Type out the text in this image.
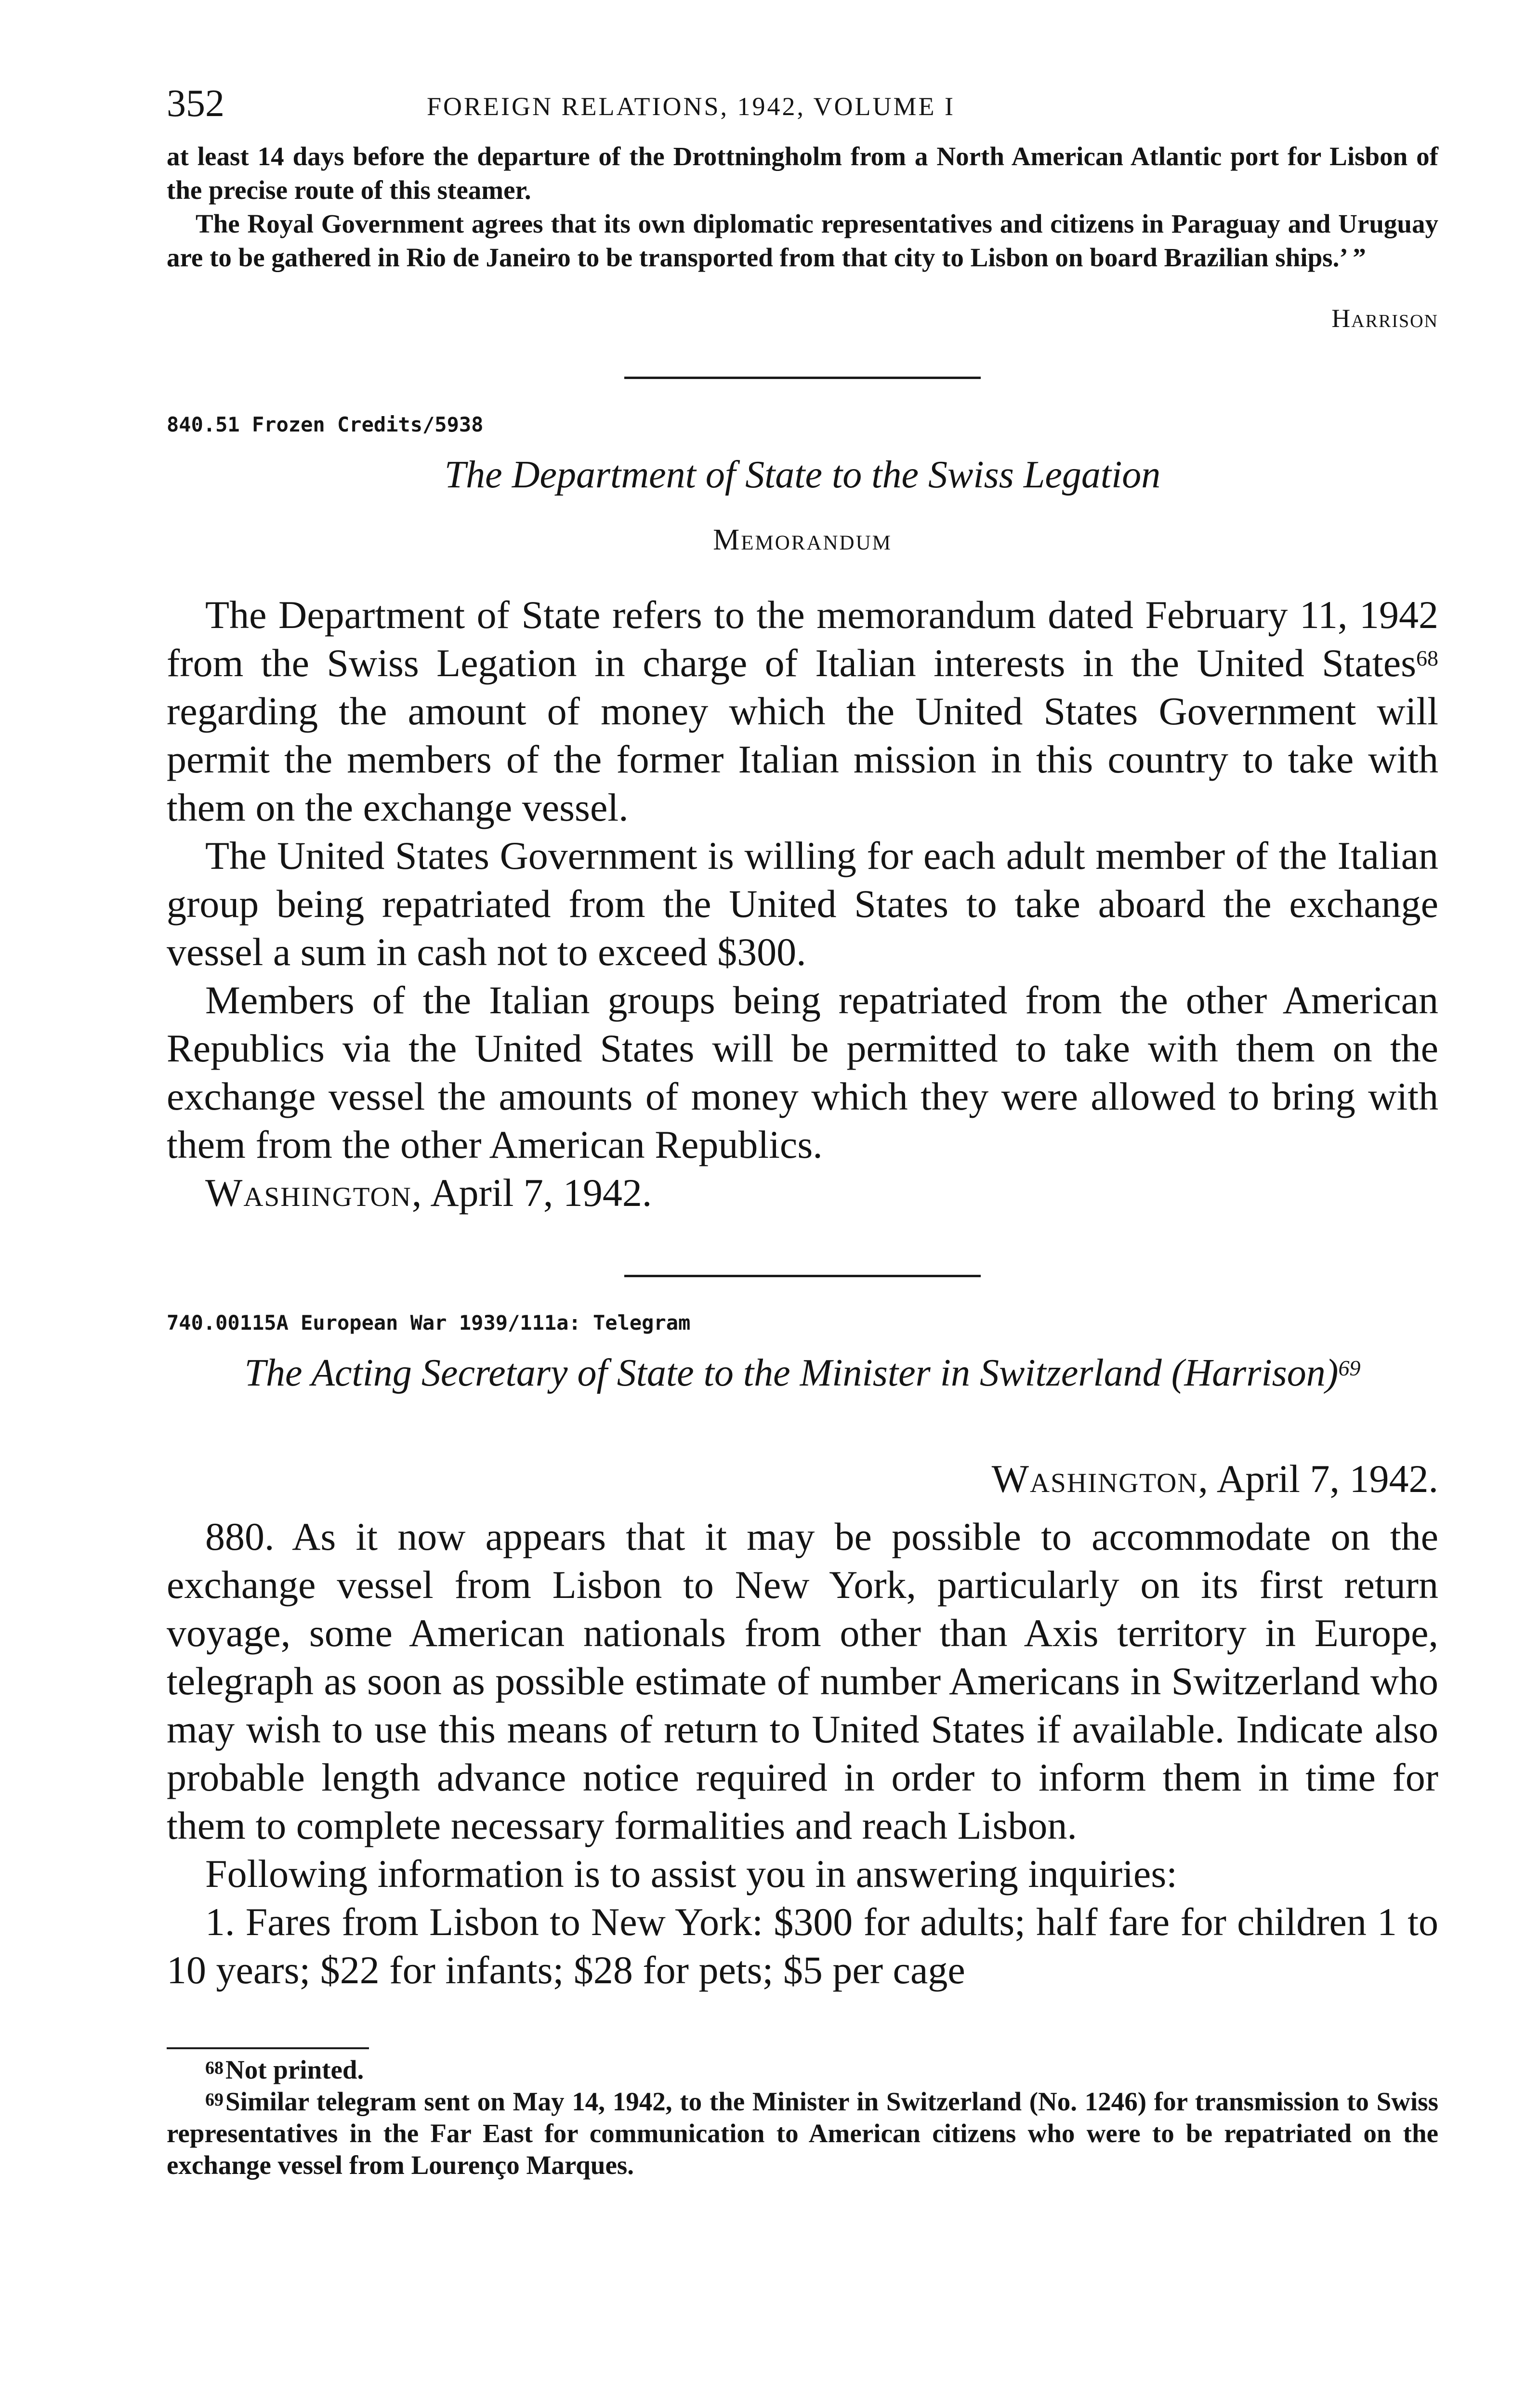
352	FOREIGN RELATIONS, 1942, VOLUME I

at least 14 days before the departure of the Drottningholm from a North American Atlantic port for Lisbon of the precise route of this steamer.

The Royal Government agrees that its own diplomatic representatives and citizens in Paraguay and Uruguay are to be gathered in Rio de Janeiro to be transported from that city to Lisbon on board Brazilian ships.’ ”

Harrison

840.51 Frozen Credits/5938

The Department of State to the Swiss Legation

Memorandum

The Department of State refers to the memorandum dated February 11, 1942 from the Swiss Legation in charge of Italian interests in the United States$^{68}$ regarding the amount of money which the United States Government will permit the members of the former Italian mission in this country to take with them on the exchange vessel.

The United States Government is willing for each adult member of the Italian group being repatriated from the United States to take aboard the exchange vessel a sum in cash not to exceed $300.

Members of the Italian groups being repatriated from the other American Republics via the United States will be permitted to take with them on the exchange vessel the amounts of money which they were allowed to bring with them from the other American Republics.

Washington, April 7, 1942.

740.00115A European War 1939/111a: Telegram

The Acting Secretary of State to the Minister in Switzerland (Harrison)$^{69}$

Washington, April 7, 1942.

880. As it now appears that it may be possible to accommodate on the exchange vessel from Lisbon to New York, particularly on its first return voyage, some American nationals from other than Axis territory in Europe, telegraph as soon as possible estimate of number Americans in Switzerland who may wish to use this means of return to United States if available. Indicate also probable length advance notice required in order to inform them in time for them to complete necessary formalities and reach Lisbon.

Following information is to assist you in answering inquiries:

1. Fares from Lisbon to New York: $300 for adults; half fare for children 1 to 10 years; $22 for infants; $28 for pets; $5 per cage

$^{68}$Not printed.

$^{69}$Similar telegram sent on May 14, 1942, to the Minister in Switzerland (No. 1246) for transmission to Swiss representatives in the Far East for communication to American citizens who were to be repatriated on the exchange vessel from Lourenço Marques.
